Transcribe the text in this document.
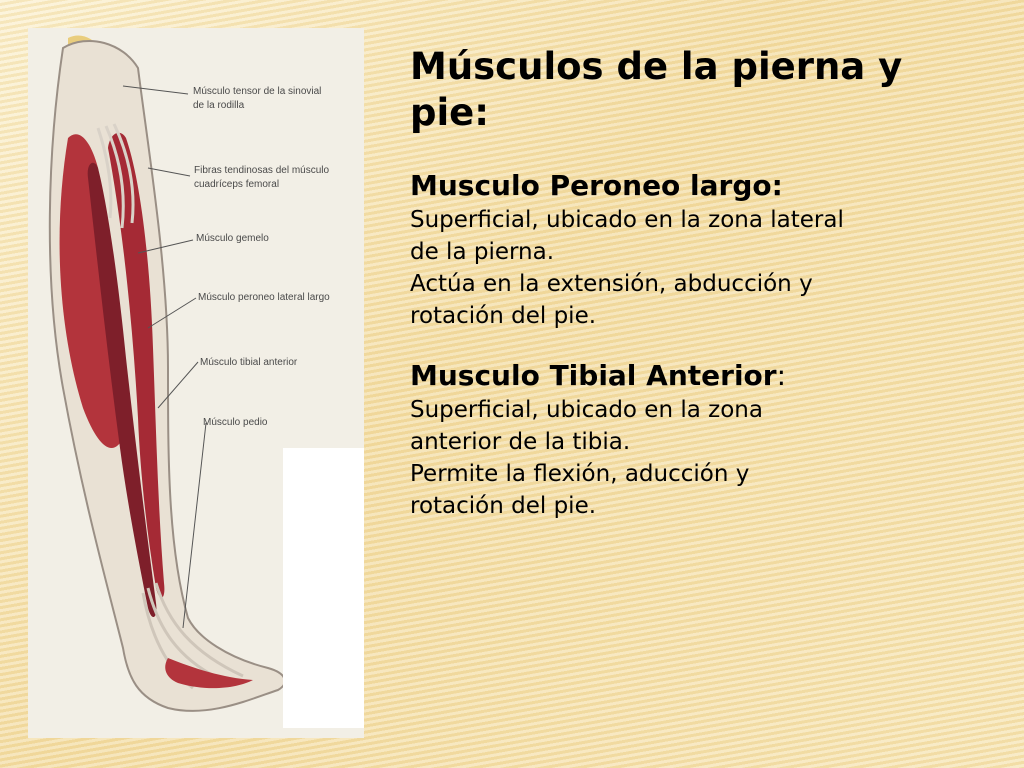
Músculo tensor de la sinovial
de la rodilla
Fibras tendinosas del músculo
cuadríceps femoral
Músculo gemelo
Músculo peroneo lateral largo
Músculo tibial anterior
Músculo pedio
Músculos de la pierna y
pie:
Musculo Peroneo largo:

Superficial, ubicado en la zona lateral

de la pierna.

Actúa en la extensión, abducción y

rotación del pie.

Musculo Tibial Anterior:

Superficial, ubicado en la zona

anterior de la tibia.

Permite la flexión, aducción y

rotación del pie.
